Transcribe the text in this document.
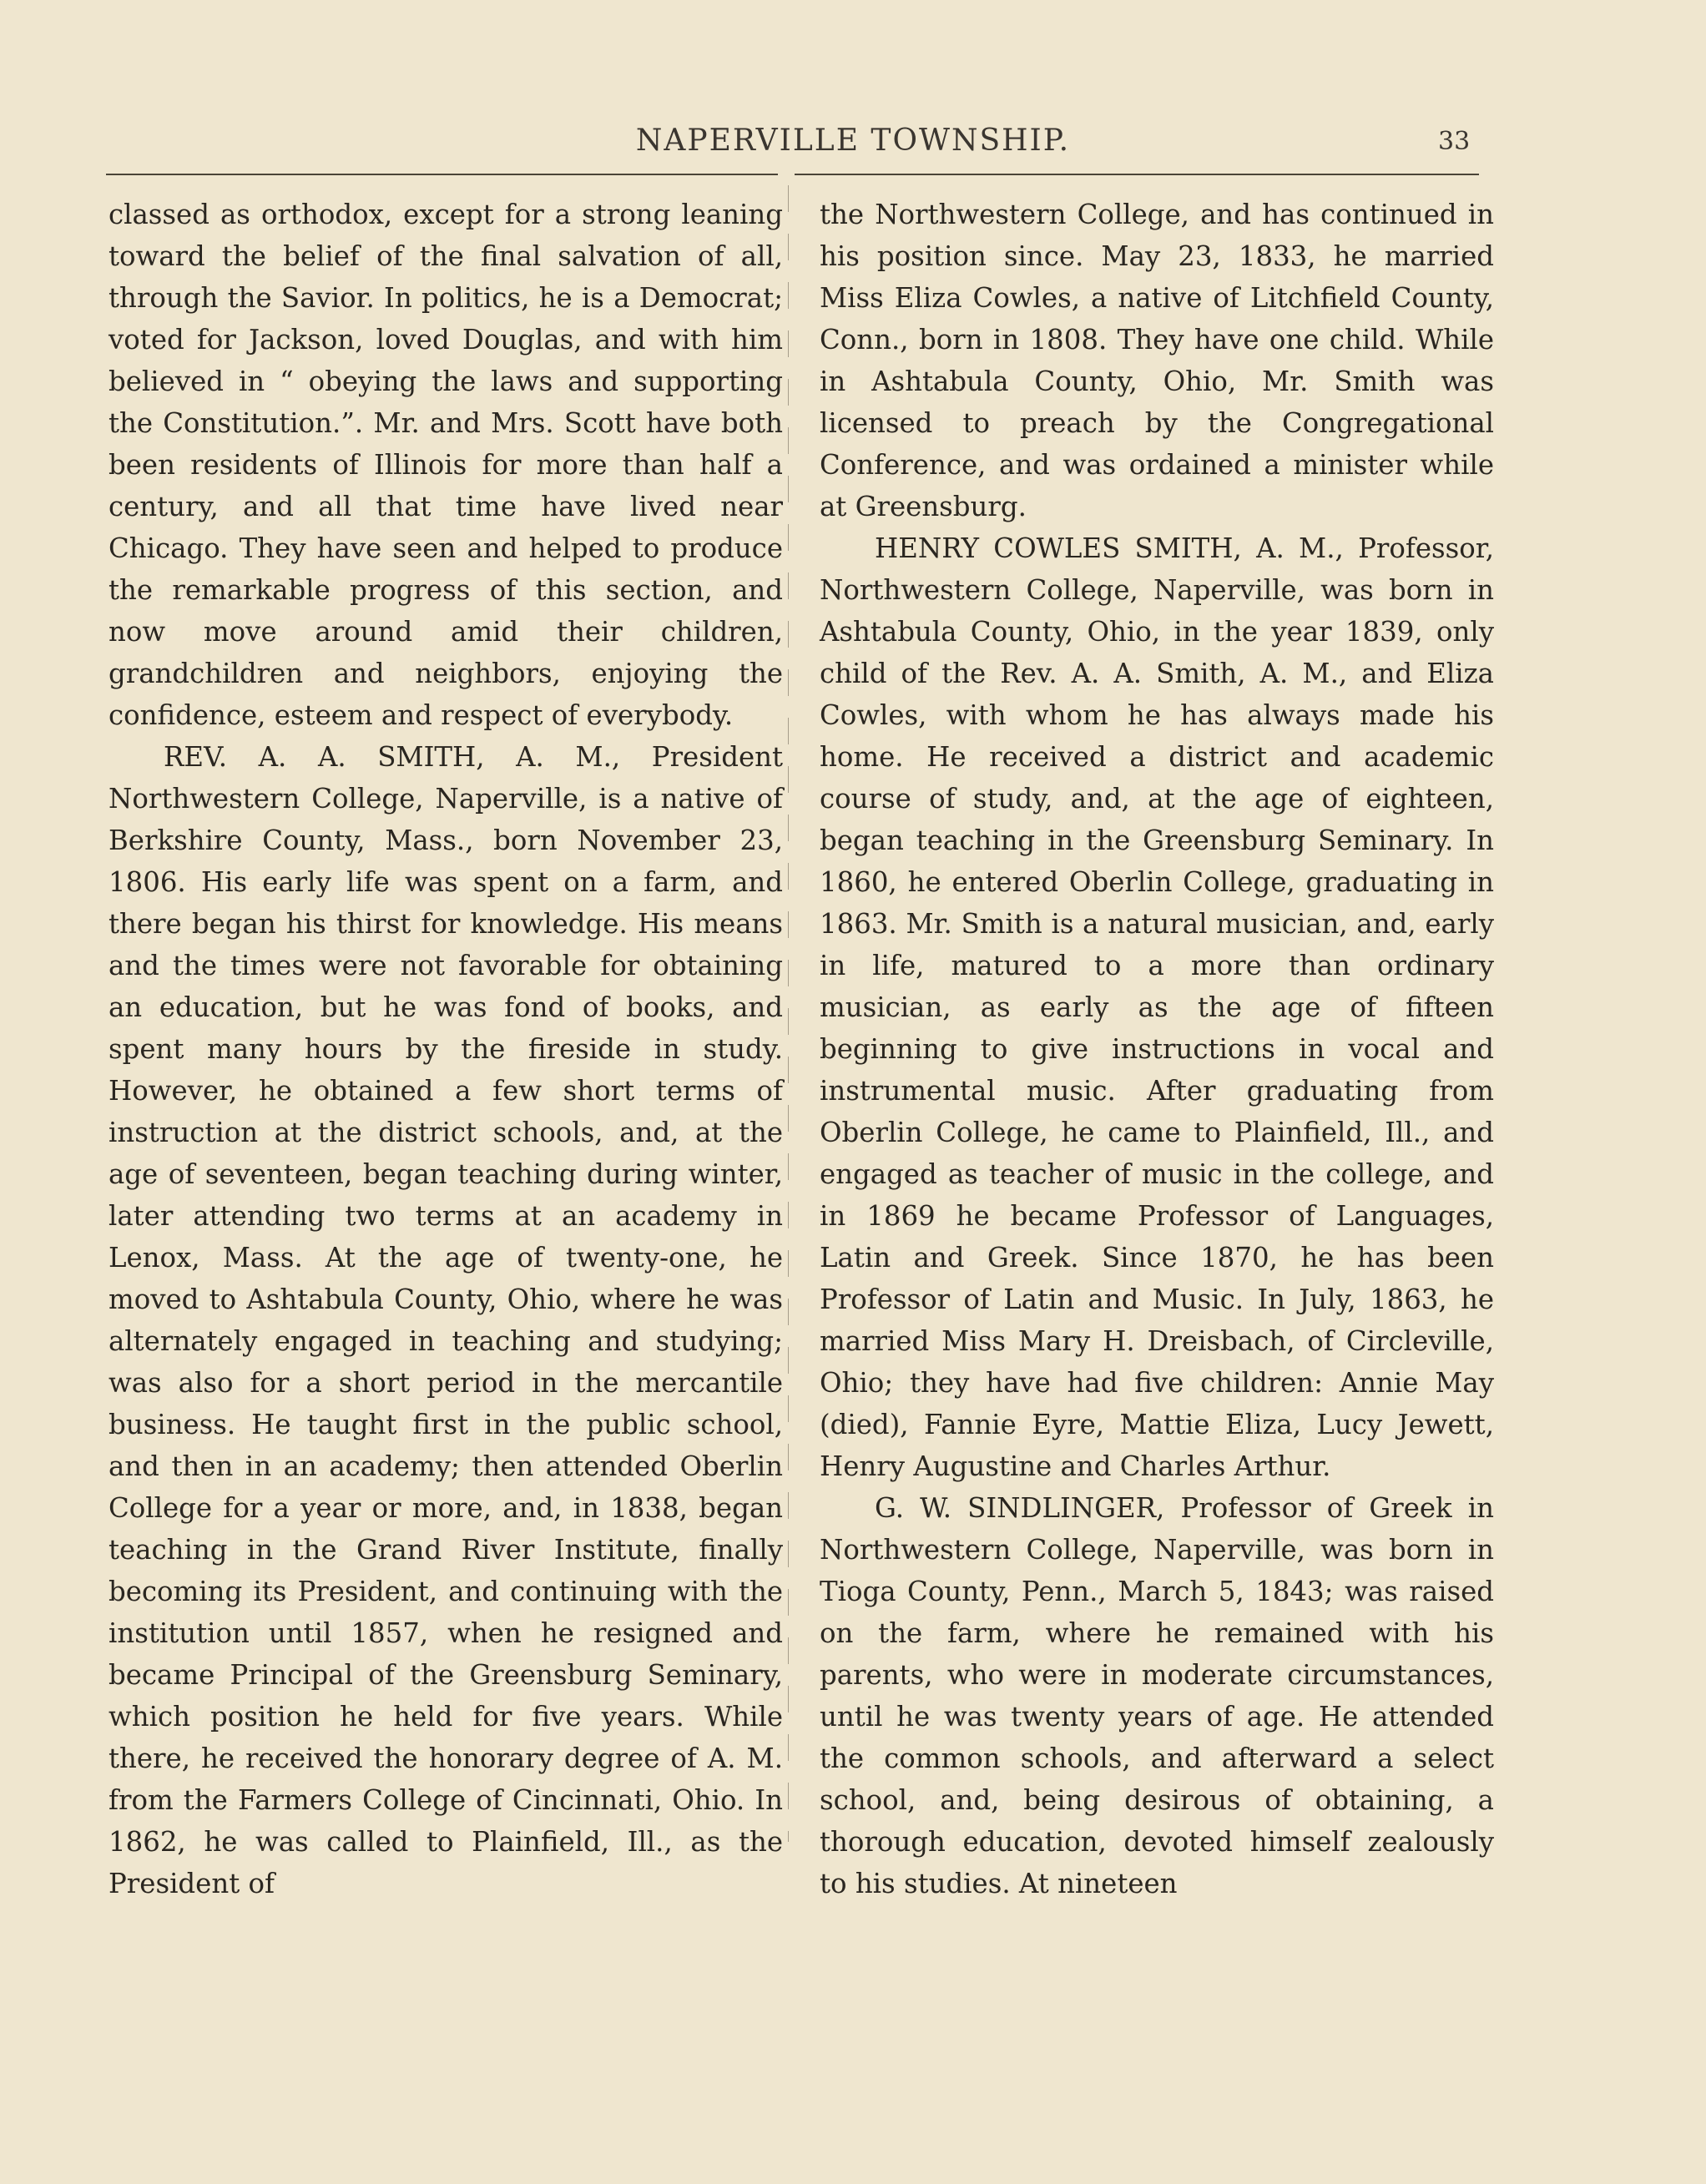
NAPERVILLE TOWNSHIP.	33

classed as orthodox, except for a strong leaning toward the belief of the final salvation of all, through the Savior. In politics, he is a Democrat; voted for Jackson, loved Douglas, and with him believed in “ obeying the laws and supporting the Constitution.”. Mr. and Mrs. Scott have both been residents of Illinois for more than half a century, and all that time have lived near Chicago. They have seen and helped to produce the remarkable progress of this section, and now move around amid their children, grandchildren and neighbors, enjoying the confidence, esteem and respect of everybody.

REV. A. A. SMITH, A. M., President Northwestern College, Naperville, is a native of Berkshire County, Mass., born November 23, 1806. His early life was spent on a farm, and there began his thirst for knowledge. His means and the times were not favorable for obtaining an education, but he was fond of books, and spent many hours by the fireside in study. However, he obtained a few short terms of instruction at the district schools, and, at the age of seventeen, began teaching during winter, later attending two terms at an academy in Lenox, Mass. At the age of twenty-one, he moved to Ashtabula County, Ohio, where he was alternately engaged in teaching and studying; was also for a short period in the mercantile business. He taught first in the public school, and then in an academy; then attended Oberlin College for a year or more, and, in 1838, began teaching in the Grand River Institute, finally becoming its President, and continuing with the institution until 1857, when he resigned and became Principal of the Greensburg Seminary, which position he held for five years. While there, he received the honorary degree of A. M. from the Farmers College of Cincinnati, Ohio. In 1862, he was called to Plainfield, Ill., as the President of

the Northwestern College, and has continued in his position since. May 23, 1833, he married Miss Eliza Cowles, a native of Litchfield County, Conn., born in 1808. They have one child. While in Ashtabula County, Ohio, Mr. Smith was licensed to preach by the Congregational Conference, and was ordained a minister while at Greensburg.

HENRY COWLES SMITH, A. M., Professor, Northwestern College, Naperville, was born in Ashtabula County, Ohio, in the year 1839, only child of the Rev. A. A. Smith, A. M., and Eliza Cowles, with whom he has always made his home. He received a district and academic course of study, and, at the age of eighteen, began teaching in the Greensburg Seminary. In 1860, he entered Oberlin College, graduating in 1863. Mr. Smith is a natural musician, and, early in life, matured to a more than ordinary musician, as early as the age of fifteen beginning to give instructions in vocal and instrumental music. After graduating from Oberlin College, he came to Plainfield, Ill., and engaged as teacher of music in the college, and in 1869 he became Professor of Languages, Latin and Greek. Since 1870, he has been Professor of Latin and Music. In July, 1863, he married Miss Mary H. Dreisbach, of Circleville, Ohio; they have had five children: Annie May (died), Fannie Eyre, Mattie Eliza, Lucy Jewett, Henry Augustine and Charles Arthur.

G. W. SINDLINGER, Professor of Greek in Northwestern College, Naperville, was born in Tioga County, Penn., March 5, 1843; was raised on the farm, where he remained with his parents, who were in moderate circumstances, until he was twenty years of age. He attended the common schools, and afterward a select school, and, being desirous of obtaining, a thorough education, devoted himself zealously to his studies. At nineteen
